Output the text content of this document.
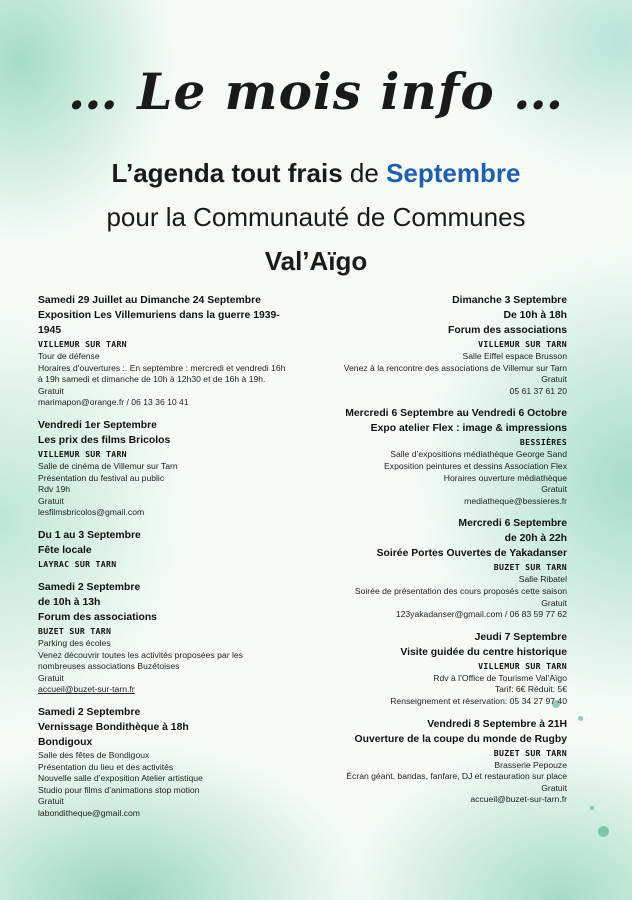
… Le mois info …
L’agenda tout frais de Septembre
pour la Communauté de Communes
Val’Aïgo
Samedi 29 Juillet au Dimanche 24 Septembre
Exposition Les Villemuriens dans la guerre 1939-1945
VILLEMUR SUR TARN
Tour de défense
Horaires d’ouvertures :. En septembre : mercredi et vendredi 16h à 19h samedi et dimanche de 10h à 12h30 et de 16h à 19h.
Gratuit
marimapon@orange.fr / 06 13 36 10 41
Vendredi 1er Septembre
Les prix des films Bricolos
VILLEMUR SUR TARN
Salle de cinéma de Villemur sur Tarn
Présentation du festival au public
Rdv 19h
Gratuit
lesfilmsbricolos@gmail.com
Du 1 au 3 Septembre
Fête locale
LAYRAC SUR TARN
Samedi 2 Septembre
de 10h à 13h
Forum des associations
BUZET SUR TARN
Parking des écoles
Venez découvrir toutes les activités proposées par les nombreuses associations Buzétoises
Gratuit
accueil@buzet-sur-tarn.fr
Samedi 2 Septembre
Vernissage Bondithèque à 18h
Bondigoux
Salle des fêtes de Bondigoux
Présentation du lieu et des activités
Nouvelle salle d’exposition Atelier artistique
Studio pour films d’animations stop motion
Gratuit
labonditheque@gmail.com
Dimanche 3 Septembre
De 10h à 18h
Forum des associations
VILLEMUR SUR TARN
Salle Eiffel espace Brusson
Venez à la rencontre des associations de Villemur sur Tarn
Gratuit
05 61 37 61 20
Mercredi 6 Septembre au Vendredi 6 Octobre
Expo atelier Flex : image & impressions
BESSIÈRES
Salle d’expositions médiathèque George Sand
Exposition peintures et dessins Association Flex
Horaires ouverture médiathèque
Gratuit
mediatheque@bessieres.fr
Mercredi 6 Septembre
de 20h à 22h
Soirée Portes Ouvertes de Yakadanser
BUZET SUR TARN
Salle Ribatel
Soirée de présentation des cours proposés cette saison
Gratuit
123yakadanser@gmail.com / 06 83 59 77 62
Jeudi 7 Septembre
Visite guidée du centre historique
VILLEMUR SUR TARN
Rdv à l’Office de Tourisme Val’Aïgo
Tarif: 6€ Réduit: 5€
Renseignement et réservation: 05 34 27 97 40
Vendredi 8 Septembre à 21H
Ouverture de la coupe du monde de Rugby
BUZET SUR TARN
Brasserie Pepouze
Écran géant, bandas, fanfare, DJ et restauration sur place
Gratuit
accueil@buzet-sur-tarn.fr
